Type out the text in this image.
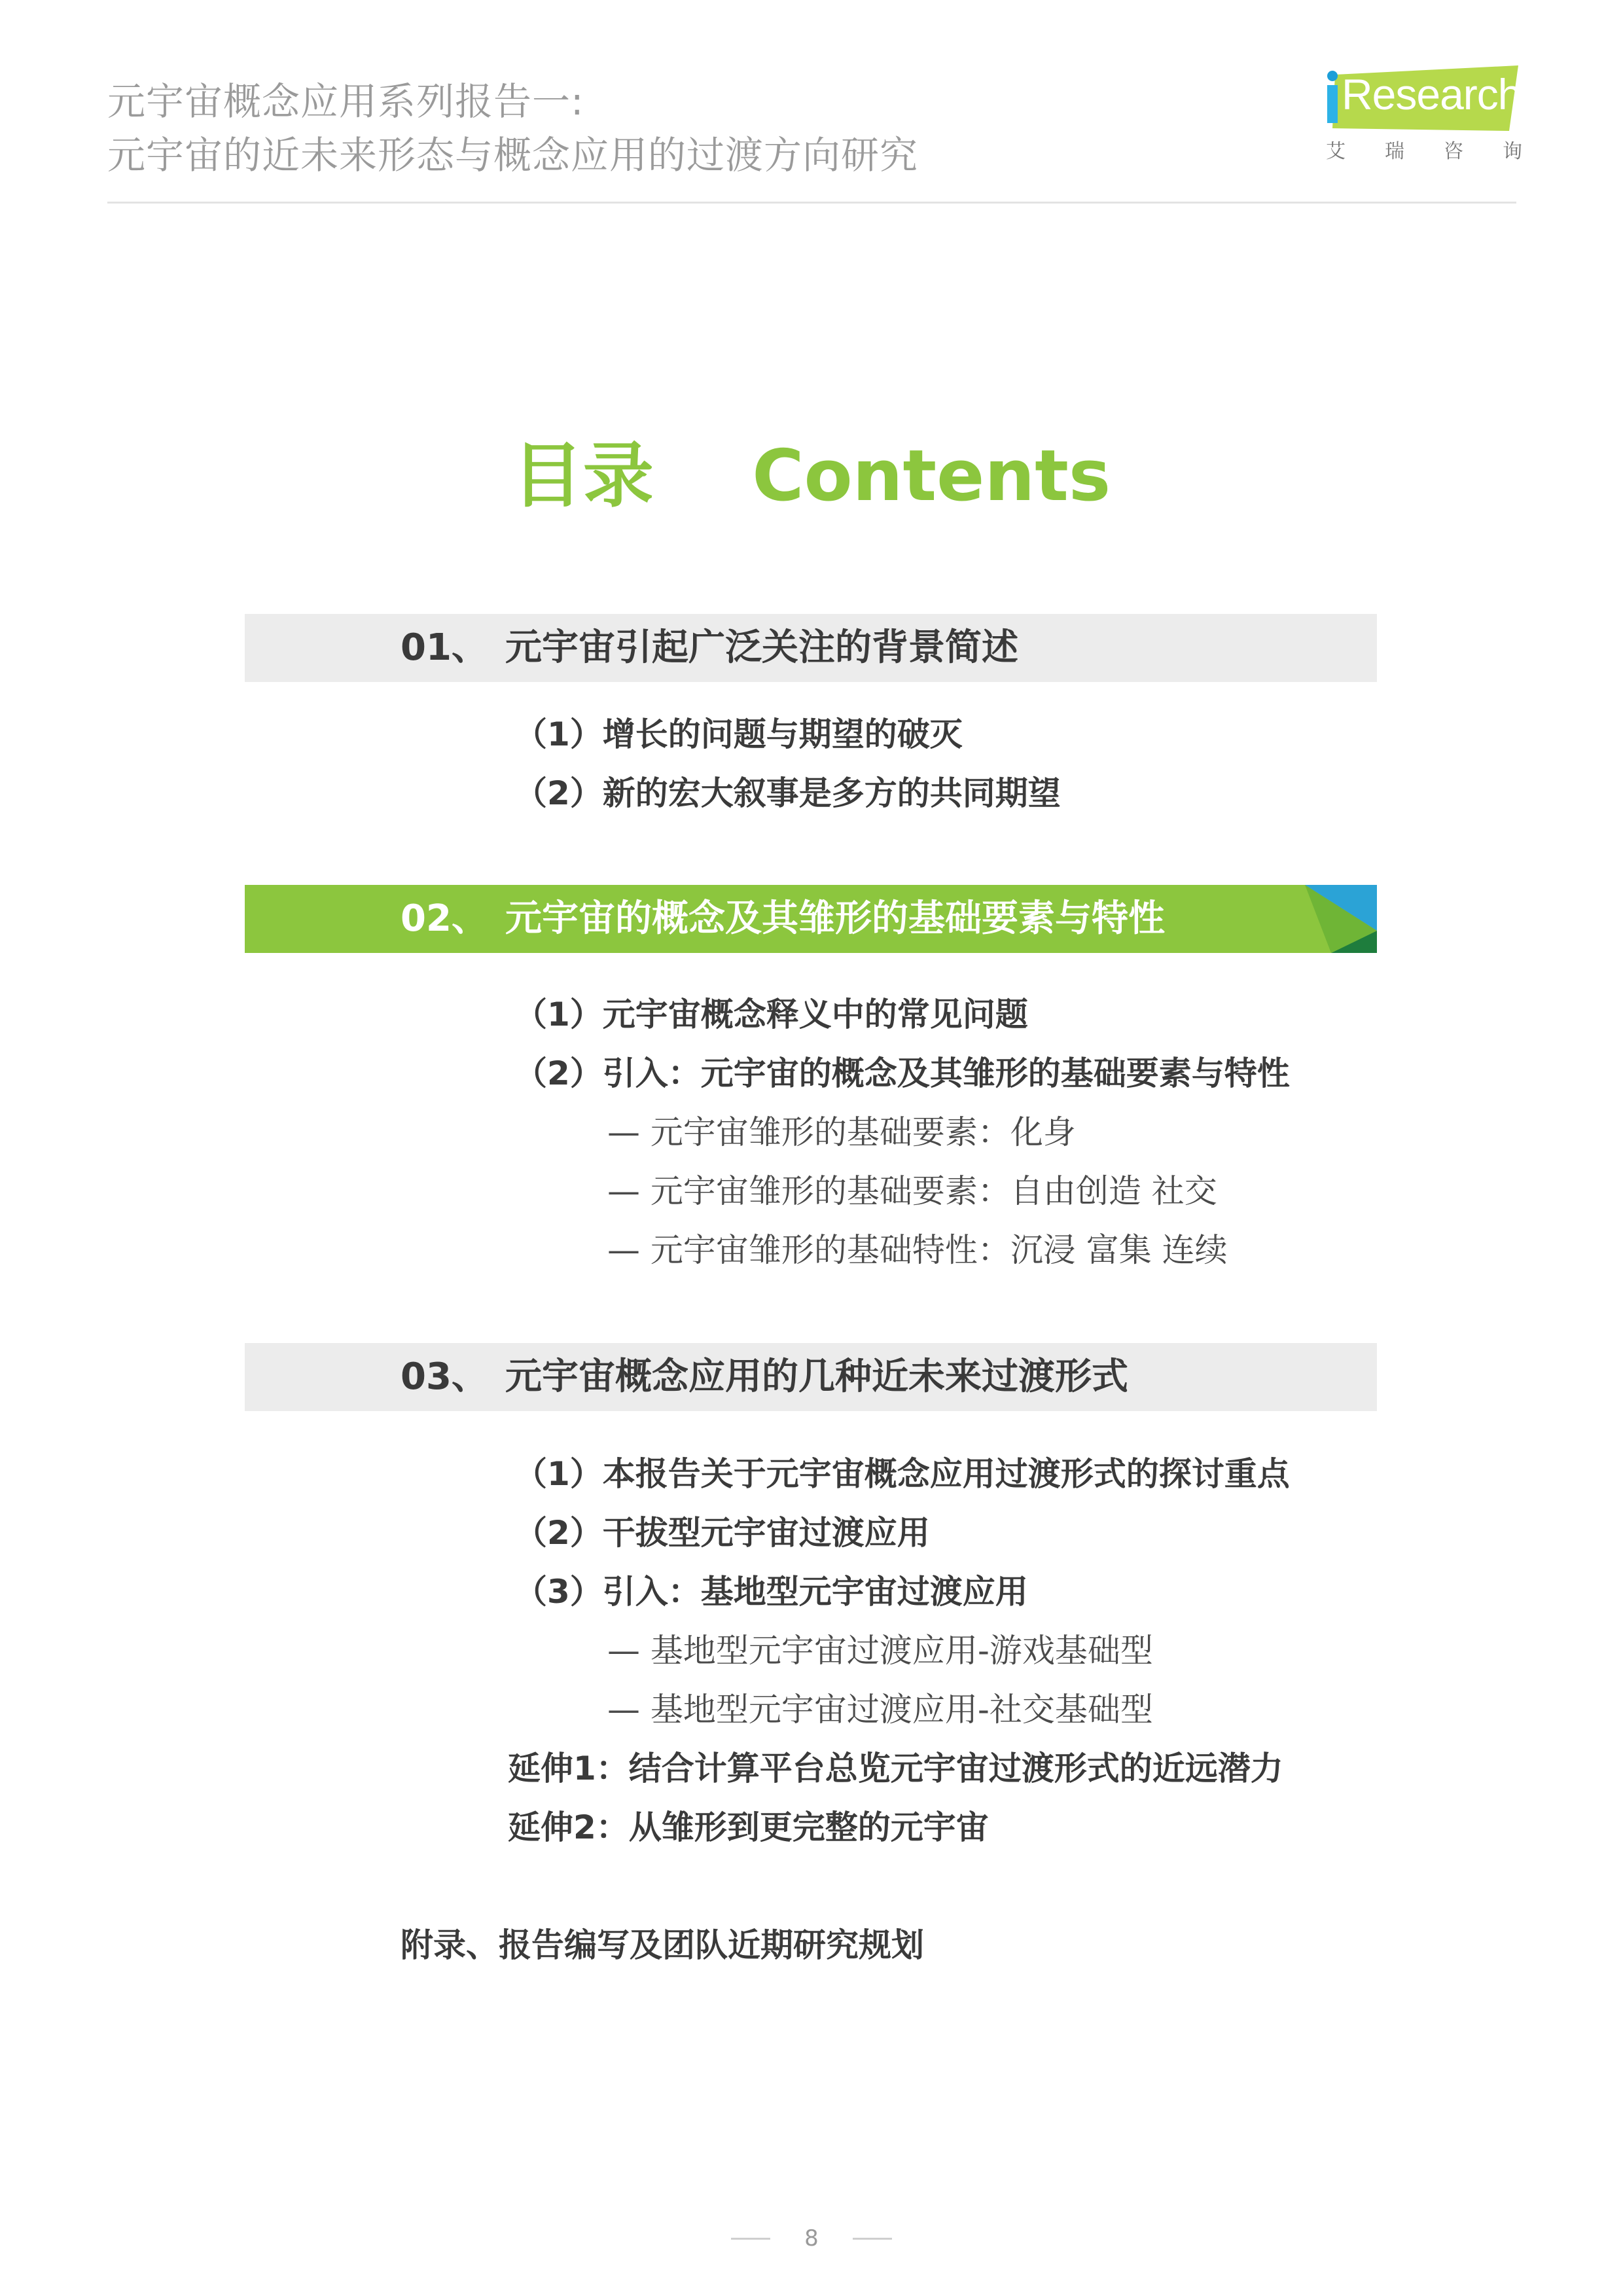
元宇宙概念应用系列报告一:
元宇宙的近未来形态与概念应用的过渡方向研究
Research
艾 瑞 咨 询
目录 Contents
01、 元宇宙引起广泛关注的背景简述
（1）增长的问题与期望的破灭
（2）新的宏大叙事是多方的共同期望
02、 元宇宙的概念及其雏形的基础要素与特性
（1）元宇宙概念释义中的常见问题
（2）引入：元宇宙的概念及其雏形的基础要素与特性
— 元宇宙雏形的基础要素：化身
— 元宇宙雏形的基础要素：自由创造 社交
— 元宇宙雏形的基础特性：沉浸 富集 连续
03、 元宇宙概念应用的几种近未来过渡形式
（1）本报告关于元宇宙概念应用过渡形式的探讨重点
（2）干拔型元宇宙过渡应用
（3）引入：基地型元宇宙过渡应用
— 基地型元宇宙过渡应用-游戏基础型
— 基地型元宇宙过渡应用-社交基础型
延伸1：结合计算平台总览元宇宙过渡形式的近远潜力
延伸2：从雏形到更完整的元宇宙
附录、报告编写及团队近期研究规划
8
